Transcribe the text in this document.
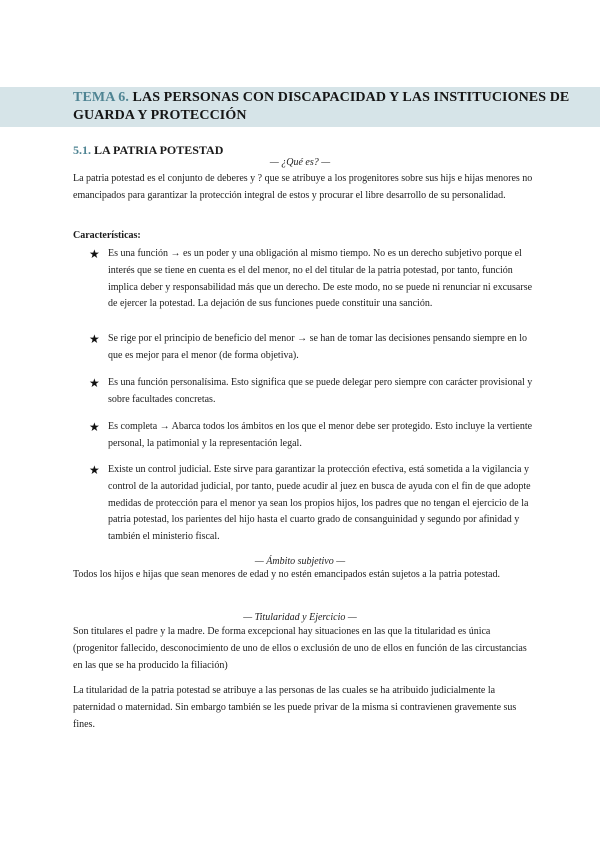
TEMA 6. LAS PERSONAS CON DISCAPACIDAD Y LAS INSTITUCIONES DE GUARDA Y PROTECCIÓN
5.1. LA PATRIA POTESTAD
— ¿Qué es? —
La patria potestad es el conjunto de deberes y ? que se atribuye a los progenitores sobre sus hijs e hijas menores no emancipados para garantizar la protección integral de estos y procurar el libre desarrollo de su personalidad.
Características:
★ Es una función → es un poder y una obligación al mismo tiempo. No es un derecho subjetivo porque el interés que se tiene en cuenta es el del menor, no el del titular de la patria potestad, por tanto, función implica deber y responsabilidad más que un derecho. De este modo, no se puede ni renunciar ni excusarse de ejercer la potestad. La dejación de sus funciones puede constituir una sanción.
★ Se rige por el principio de beneficio del menor → se han de tomar las decisiones pensando siempre en lo que es mejor para el menor (de forma objetiva).
★ Es una función personalísima. Esto significa que se puede delegar pero siempre con carácter provisional y sobre facultades concretas.
★ Es completa → Abarca todos los ámbitos en los que el menor debe ser protegido. Esto incluye la vertiente personal, la patimonial y la representación legal.
★ Existe un control judicial. Este sirve para garantizar la protección efectiva, está sometida a la vigilancia y control de la autoridad judicial, por tanto, puede acudir al juez en busca de ayuda con el fin de que adopte medidas de protección para el menor ya sean los propios hijos, los padres que no tengan el ejercicio de la patria potestad, los parientes del hijo hasta el cuarto grado de consanguinidad y segundo por afinidad y también el ministerio fiscal.
— Ámbito subjetivo —
Todos los hijos e hijas que sean menores de edad y no estén emancipados están sujetos a la patria potestad.
— Titularidad y Ejercicio —
Son titulares el padre y la madre. De forma excepcional hay situaciones en las que la titularidad es única (progenitor fallecido, desconocimiento de uno de ellos o exclusión de uno de ellos en función de las circustancias en las que se ha producido la filiación)
La titularidad de la patria potestad se atribuye a las personas de las cuales se ha atribuido judicialmente la paternidad o maternidad. Sin embargo también se les puede privar de la misma si contravienen gravemente sus fines.
